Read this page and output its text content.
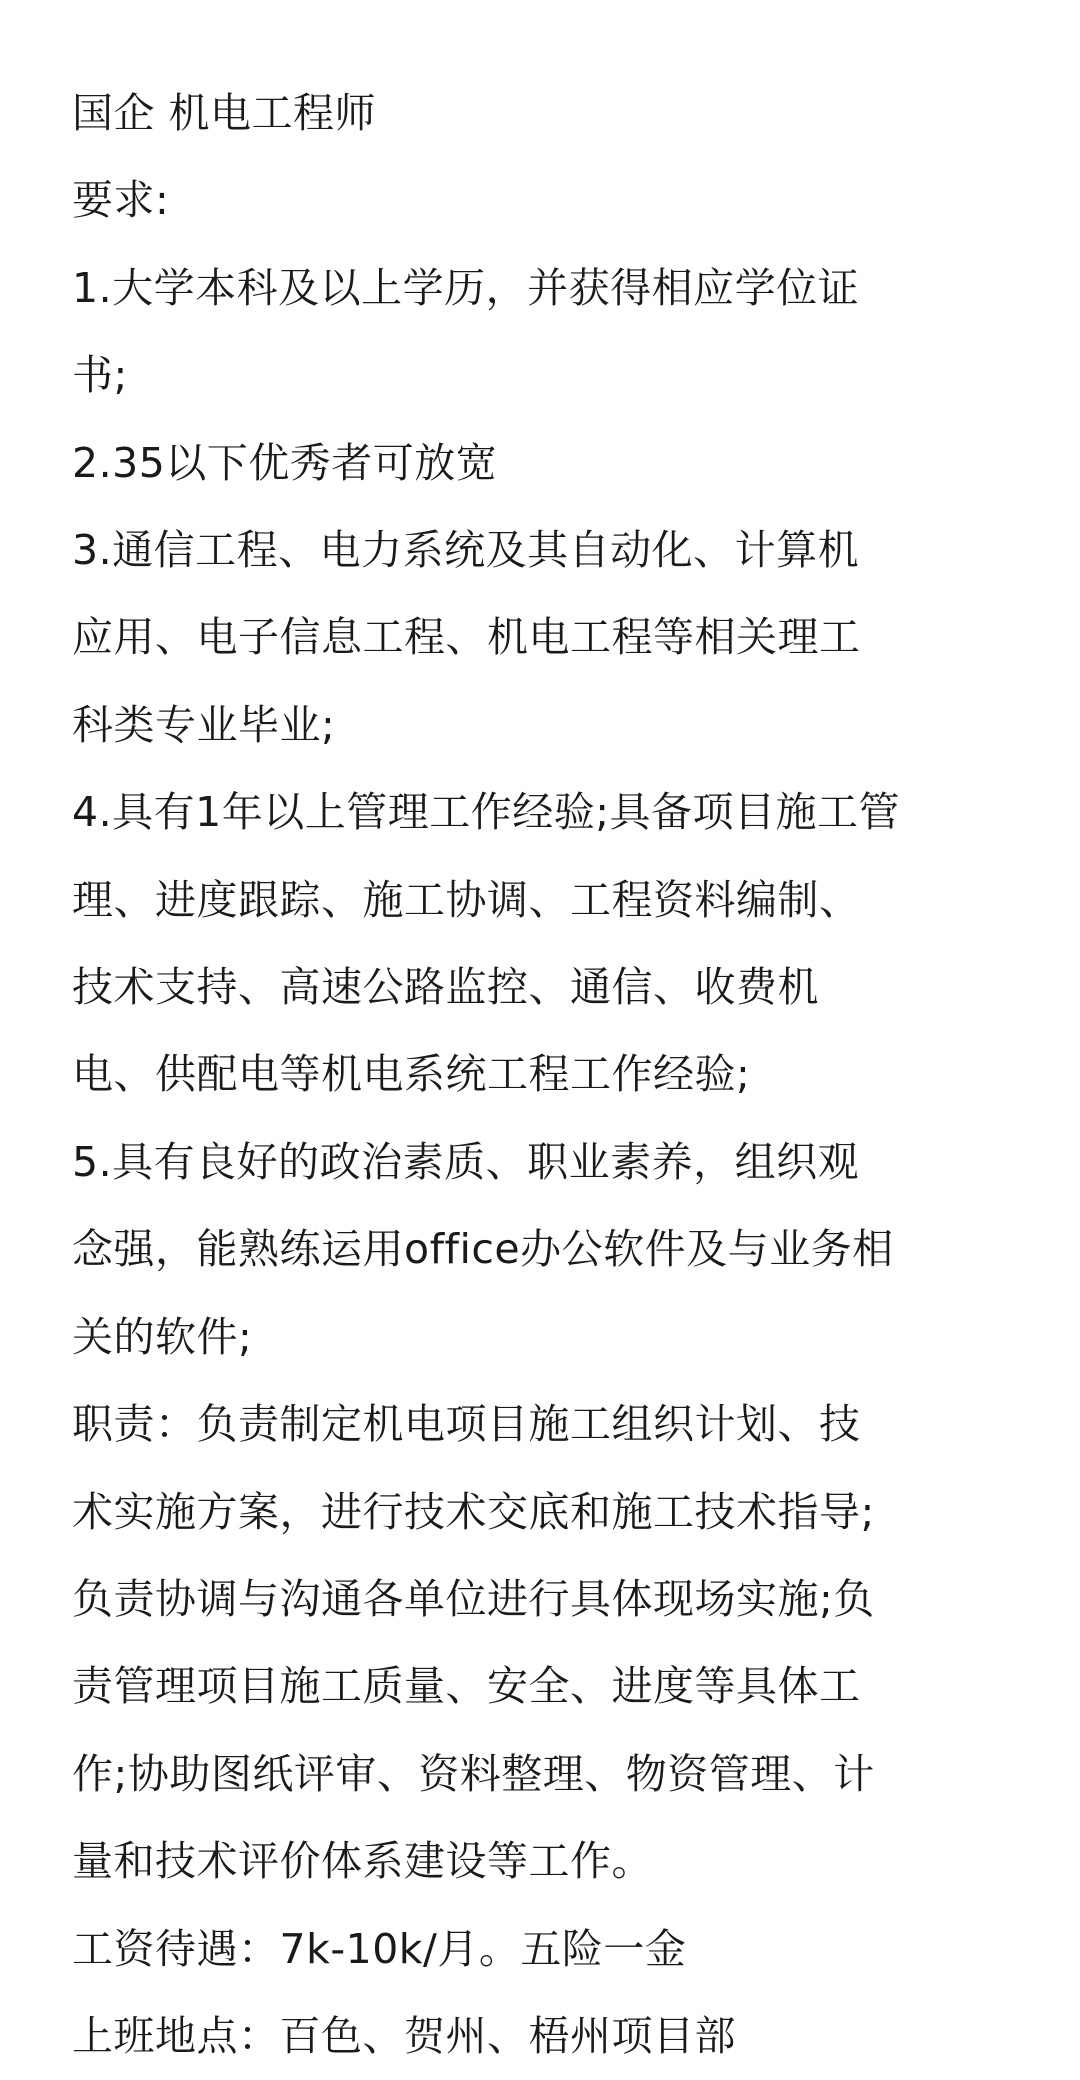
国企 机电工程师
要求:
1.大学本科及以上学历，并获得相应学位证
书;
2.35以下优秀者可放宽
3.通信工程、电力系统及其自动化、计算机
应用、电子信息工程、机电工程等相关理工
科类专业毕业;
4.具有1年以上管理工作经验;具备项目施工管
理、进度跟踪、施工协调、工程资料编制、
技术支持、高速公路监控、通信、收费机
电、供配电等机电系统工程工作经验;
5.具有良好的政治素质、职业素养，组织观
念强，能熟练运用office办公软件及与业务相
关的软件;
职责：负责制定机电项目施工组织计划、技
术实施方案，进行技术交底和施工技术指导;
负责协调与沟通各单位进行具体现场实施;负
责管理项目施工质量、安全、进度等具体工
作;协助图纸评审、资料整理、物资管理、计
量和技术评价体系建设等工作。
工资待遇：7k-10k/月。五险一金
上班地点：百色、贺州、梧州项目部
